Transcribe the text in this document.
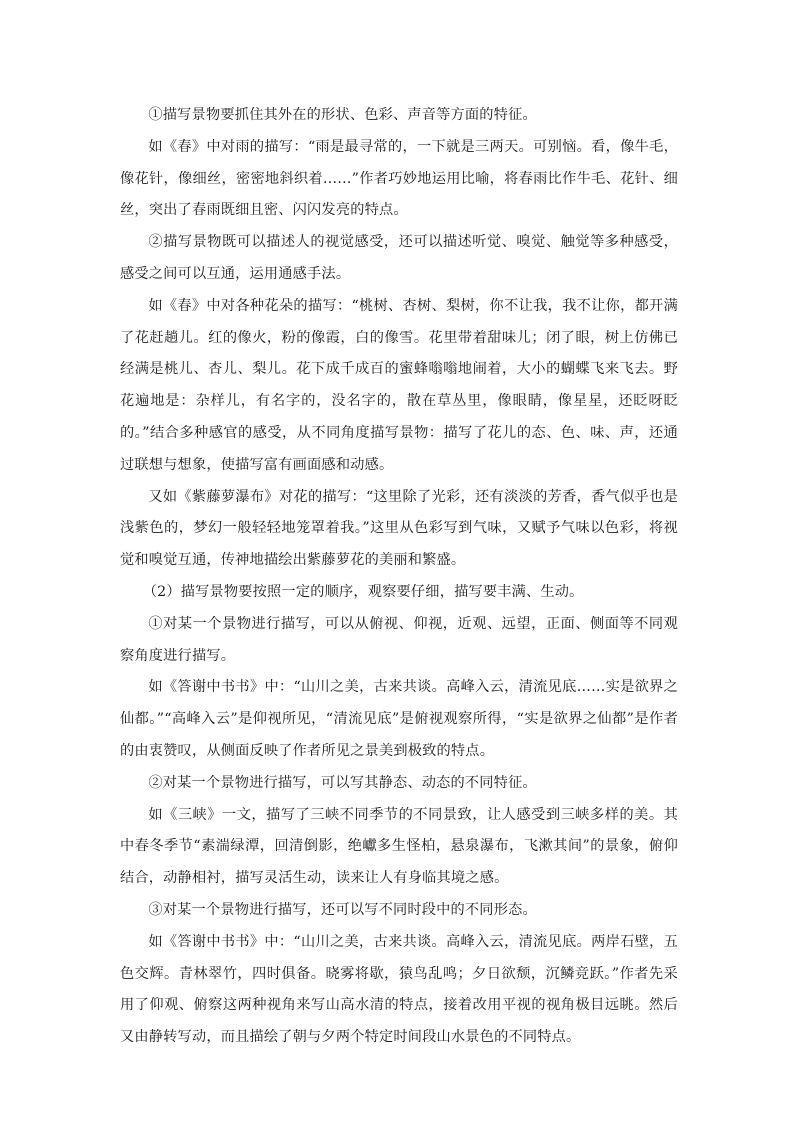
①描写景物要抓住其外在的形状、色彩、声音等方面的特征。

如《春》中对雨的描写：“雨是最寻常的，一下就是三两天。可别恼。看，像牛毛，像花针，像细丝，密密地斜织着……”作者巧妙地运用比喻，将春雨比作牛毛、花针、细丝，突出了春雨既细且密、闪闪发亮的特点。

②描写景物既可以描述人的视觉感受，还可以描述听觉、嗅觉、触觉等多种感受，感受之间可以互通，运用通感手法。

如《春》中对各种花朵的描写：“桃树、杏树、梨树，你不让我，我不让你，都开满了花赶趟儿。红的像火，粉的像霞，白的像雪。花里带着甜味儿；闭了眼，树上仿佛已经满是桃儿、杏儿、梨儿。花下成千成百的蜜蜂嗡嗡地闹着，大小的蝴蝶飞来飞去。野花遍地是：杂样儿，有名字的，没名字的，散在草丛里，像眼睛，像星星，还眨呀眨的。”结合多种感官的感受，从不同角度描写景物：描写了花儿的态、色、味、声，还通过联想与想象，使描写富有画面感和动感。

又如《紫藤萝瀑布》对花的描写：“这里除了光彩，还有淡淡的芳香，香气似乎也是浅紫色的，梦幻一般轻轻地笼罩着我。”这里从色彩写到气味，又赋予气味以色彩，将视觉和嗅觉互通，传神地描绘出紫藤萝花的美丽和繁盛。

（2）描写景物要按照一定的顺序，观察要仔细，描写要丰满、生动。

①对某一个景物进行描写，可以从俯视、仰视，近观、远望，正面、侧面等不同观察角度进行描写。

如《答谢中书书》中：“山川之美，古来共谈。高峰入云，清流见底……实是欲界之仙都。”“高峰入云”是仰视所见，“清流见底”是俯视观察所得，“实是欲界之仙都”是作者的由衷赞叹，从侧面反映了作者所见之景美到极致的特点。

②对某一个景物进行描写，可以写其静态、动态的不同特征。

如《三峡》一文，描写了三峡不同季节的不同景致，让人感受到三峡多样的美。其中春冬季节“素湍绿潭，回清倒影，绝巘多生怪柏，悬泉瀑布，飞漱其间”的景象，俯仰结合，动静相衬，描写灵活生动，读来让人有身临其境之感。

③对某一个景物进行描写，还可以写不同时段中的不同形态。

如《答谢中书书》中：“山川之美，古来共谈。高峰入云，清流见底。两岸石壁，五色交辉。青林翠竹，四时俱备。晓雾将歇，猿鸟乱鸣；夕日欲颓，沉鳞竞跃。”作者先采用了仰观、俯察这两种视角来写山高水清的特点，接着改用平视的视角极目远眺。然后又由静转写动，而且描绘了朝与夕两个特定时间段山水景色的不同特点。
